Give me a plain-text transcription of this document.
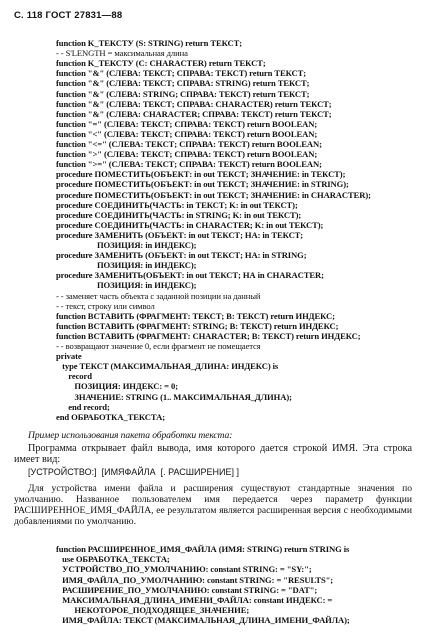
С. 118 ГОСТ 27831—88
function K_ТЕКСТУ (S: STRING) return ТЕКСТ;
- - S'LENGTH = максимальная длина
function K_ТЕКСТУ (C: CHARACTER) return ТЕКСТ;
function "&" (СЛЕВА: ТЕКСТ; СПРАВА: ТЕКСТ) return ТЕКСТ;
function "&" (СЛЕВА: ТЕКСТ; СПРАВА: STRING) return ТЕКСТ;
function "&" (СЛЕВА: STRING; СПРАВА: ТЕКСТ) return ТЕКСТ;
function "&" (СЛЕВА: ТЕКСТ; СПРАВА: CHARACTER) return ТЕКСТ;
function "&" (СЛЕВА: CHARACTER; СПРАВА: ТЕКСТ) return ТЕКСТ;
function "=" (СЛЕВА: ТЕКСТ; СПРАВА: ТЕКСТ) return BOOLEAN;
function "<" (СЛЕВА: ТЕКСТ; СПРАВА: ТЕКСТ) return BOOLEAN;
function "<=" (СЛЕВА: ТЕКСТ; СПРАВА: ТЕКСТ) return BOOLEAN;
function ">" (СЛЕВА: ТЕКСТ; СПРАВА: ТЕКСТ) return BOOLEAN;
function ">=" (СЛЕВА: ТЕКСТ; СПРАВА: ТЕКСТ) return BOOLEAN;
procedure ПОМЕСТИТЬ(ОБЪЕКТ: in out ТЕКСТ; ЗНАЧЕНИЕ: in ТЕКСТ);
procedure ПОМЕСТИТЬ(ОБЪЕКТ: in out ТЕКСТ; ЗНАЧЕНИЕ: in STRING);
procedure ПОМЕСТИТЬ(ОБЪЕКТ: in out ТЕКСТ; ЗНАЧЕНИЕ: in CHARACTER);
procedure СОЕДИНИТЬ(ЧАСТЬ: in ТЕКСТ; K: in out ТЕКСТ);
procedure СОЕДИНИТЬ(ЧАСТЬ: in STRING; K: in out ТЕКСТ);
procedure СОЕДИНИТЬ(ЧАСТЬ: in CHARACTER; K: in out ТЕКСТ);
procedure ЗАМЕНИТЬ (ОБЪЕКТ: in out ТЕКСТ; НА: in ТЕКСТ;
ПОЗИЦИЯ: in ИНДЕКС);
procedure ЗАМЕНИТЬ (ОБЪЕКТ: in out ТЕКСТ; НА: in STRING;
ПОЗИЦИЯ: in ИНДЕКС);
procedure ЗАМЕНИТЬ(ОБЪЕКТ: in out ТЕКСТ; НА in CHARACTER;
ПОЗИЦИЯ: in ИНДЕКС);
- - заменяет часть объекта с заданной позиции на данный
- - текст, строку или символ
function ВСТАВИТЬ (ФРАГМЕНТ: ТЕКСТ; В: ТЕКСТ) return ИНДЕКС;
function ВСТАВИТЬ (ФРАГМЕНТ: STRING; В: ТЕКСТ) return ИНДЕКС;
function ВСТАВИТЬ (ФРАГМЕНТ: CHARACTER; В: ТЕКСТ) return ИНДЕКС;
- - возвращают значение 0, если фрагмент не помещается
private
type ТЕКСТ (МАКСИМАЛЬНАЯ_ДЛИНА: ИНДЕКС) is
record
ПОЗИЦИЯ: ИНДЕКС: = 0;
ЗНАЧЕНИЕ: STRING (1.. МАКСИМАЛЬНАЯ_ДЛИНА);
end record;
end ОБРАБОТКА_ТЕКСТА;
Пример использования пакета обработки текста:
Программа открывает файл вывода, имя которого дается строкой ИМЯ. Эта строка имеет вид:
[УСТРОЙСТВО:]  [ИМЯФАЙЛА  [. РАСШИРЕНИЕ] ]
Для устройства имени файла и расширения существуют стандартные значения по умолчанию. Названное пользователем имя передается через параметр функции РАСШИРЕННОЕ_ИМЯ_ФАЙЛА, ее результатом является расширенная версия с необходимыми добавлениями по умолчанию.
function РАСШИРЕННОЕ_ИМЯ_ФАЙЛА (ИМЯ: STRING) return STRING is
use ОБРАБОТКА_ТЕКСТА;
УСТРОЙСТВО_ПО_УМОЛЧАНИЮ: constant STRING: = "SY:";
ИМЯ_ФАЙЛА_ПО_УМОЛЧАНИЮ: constant STRING: = "RESULTS";
РАСШИРЕНИЕ_ПО_УМОЛЧАНИЮ: constant STRING: = "DAT";
МАКСИМАЛЬНАЯ_ДЛИНА_ИМЕНИ_ФАЙЛА: constant ИНДЕКС: =
НЕКОТОРОЕ_ПОДХОДЯЩЕЕ_ЗНАЧЕНИЕ;
ИМЯ_ФАЙЛА: ТЕКСТ (МАКСИМАЛЬНАЯ_ДЛИНА_ИМЕНИ_ФАЙЛА);
